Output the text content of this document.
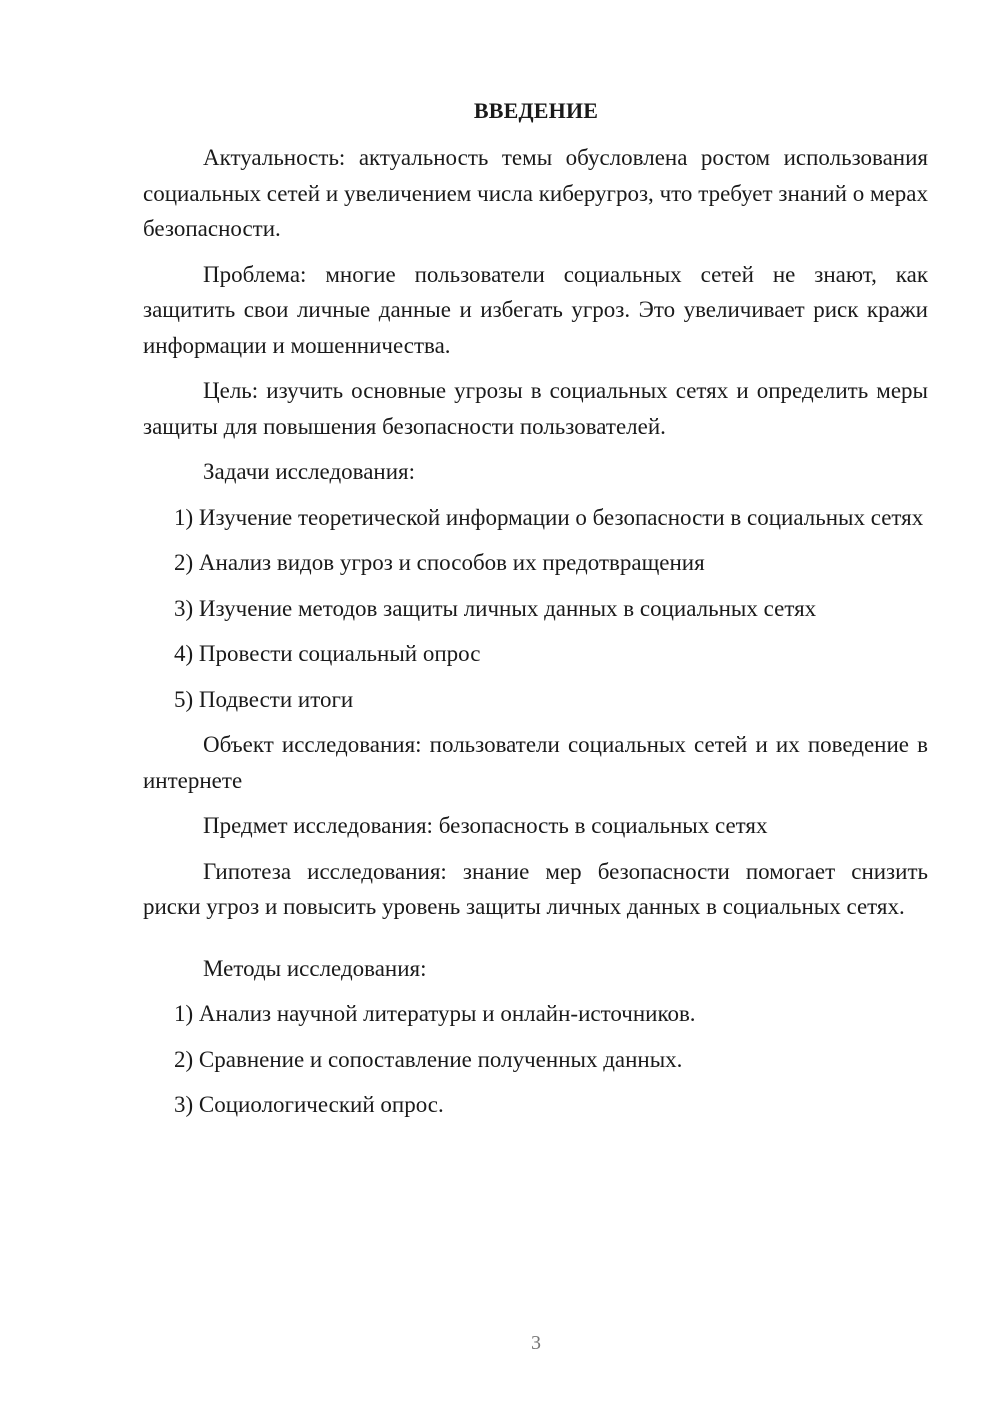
ВВЕДЕНИЕ
Актуальность: актуальность темы обусловлена ростом использования социальных сетей и увеличением числа киберугроз, что требует знаний о мерах безопасности.
Проблема: многие пользователи социальных сетей не знают, как защитить свои личные данные и избегать угроз. Это увеличивает риск кражи информации и мошенничества.
Цель: изучить основные угрозы в социальных сетях и определить меры защиты для повышения безопасности пользователей.
Задачи исследования:
1) Изучение теоретической информации о безопасности в социальных сетях
2) Анализ видов угроз и способов их предотвращения
3) Изучение методов защиты личных данных в социальных сетях
4) Провести социальный опрос
5) Подвести итоги
Объект исследования: пользователи социальных сетей и их поведение в интернете
Предмет исследования: безопасность в социальных сетях
Гипотеза исследования: знание мер безопасности помогает снизить риски угроз и повысить уровень защиты личных данных в социальных сетях.
Методы исследования:
1) Анализ научной литературы и онлайн-источников.
2) Сравнение и сопоставление полученных данных.
3) Социологический опрос.
3
